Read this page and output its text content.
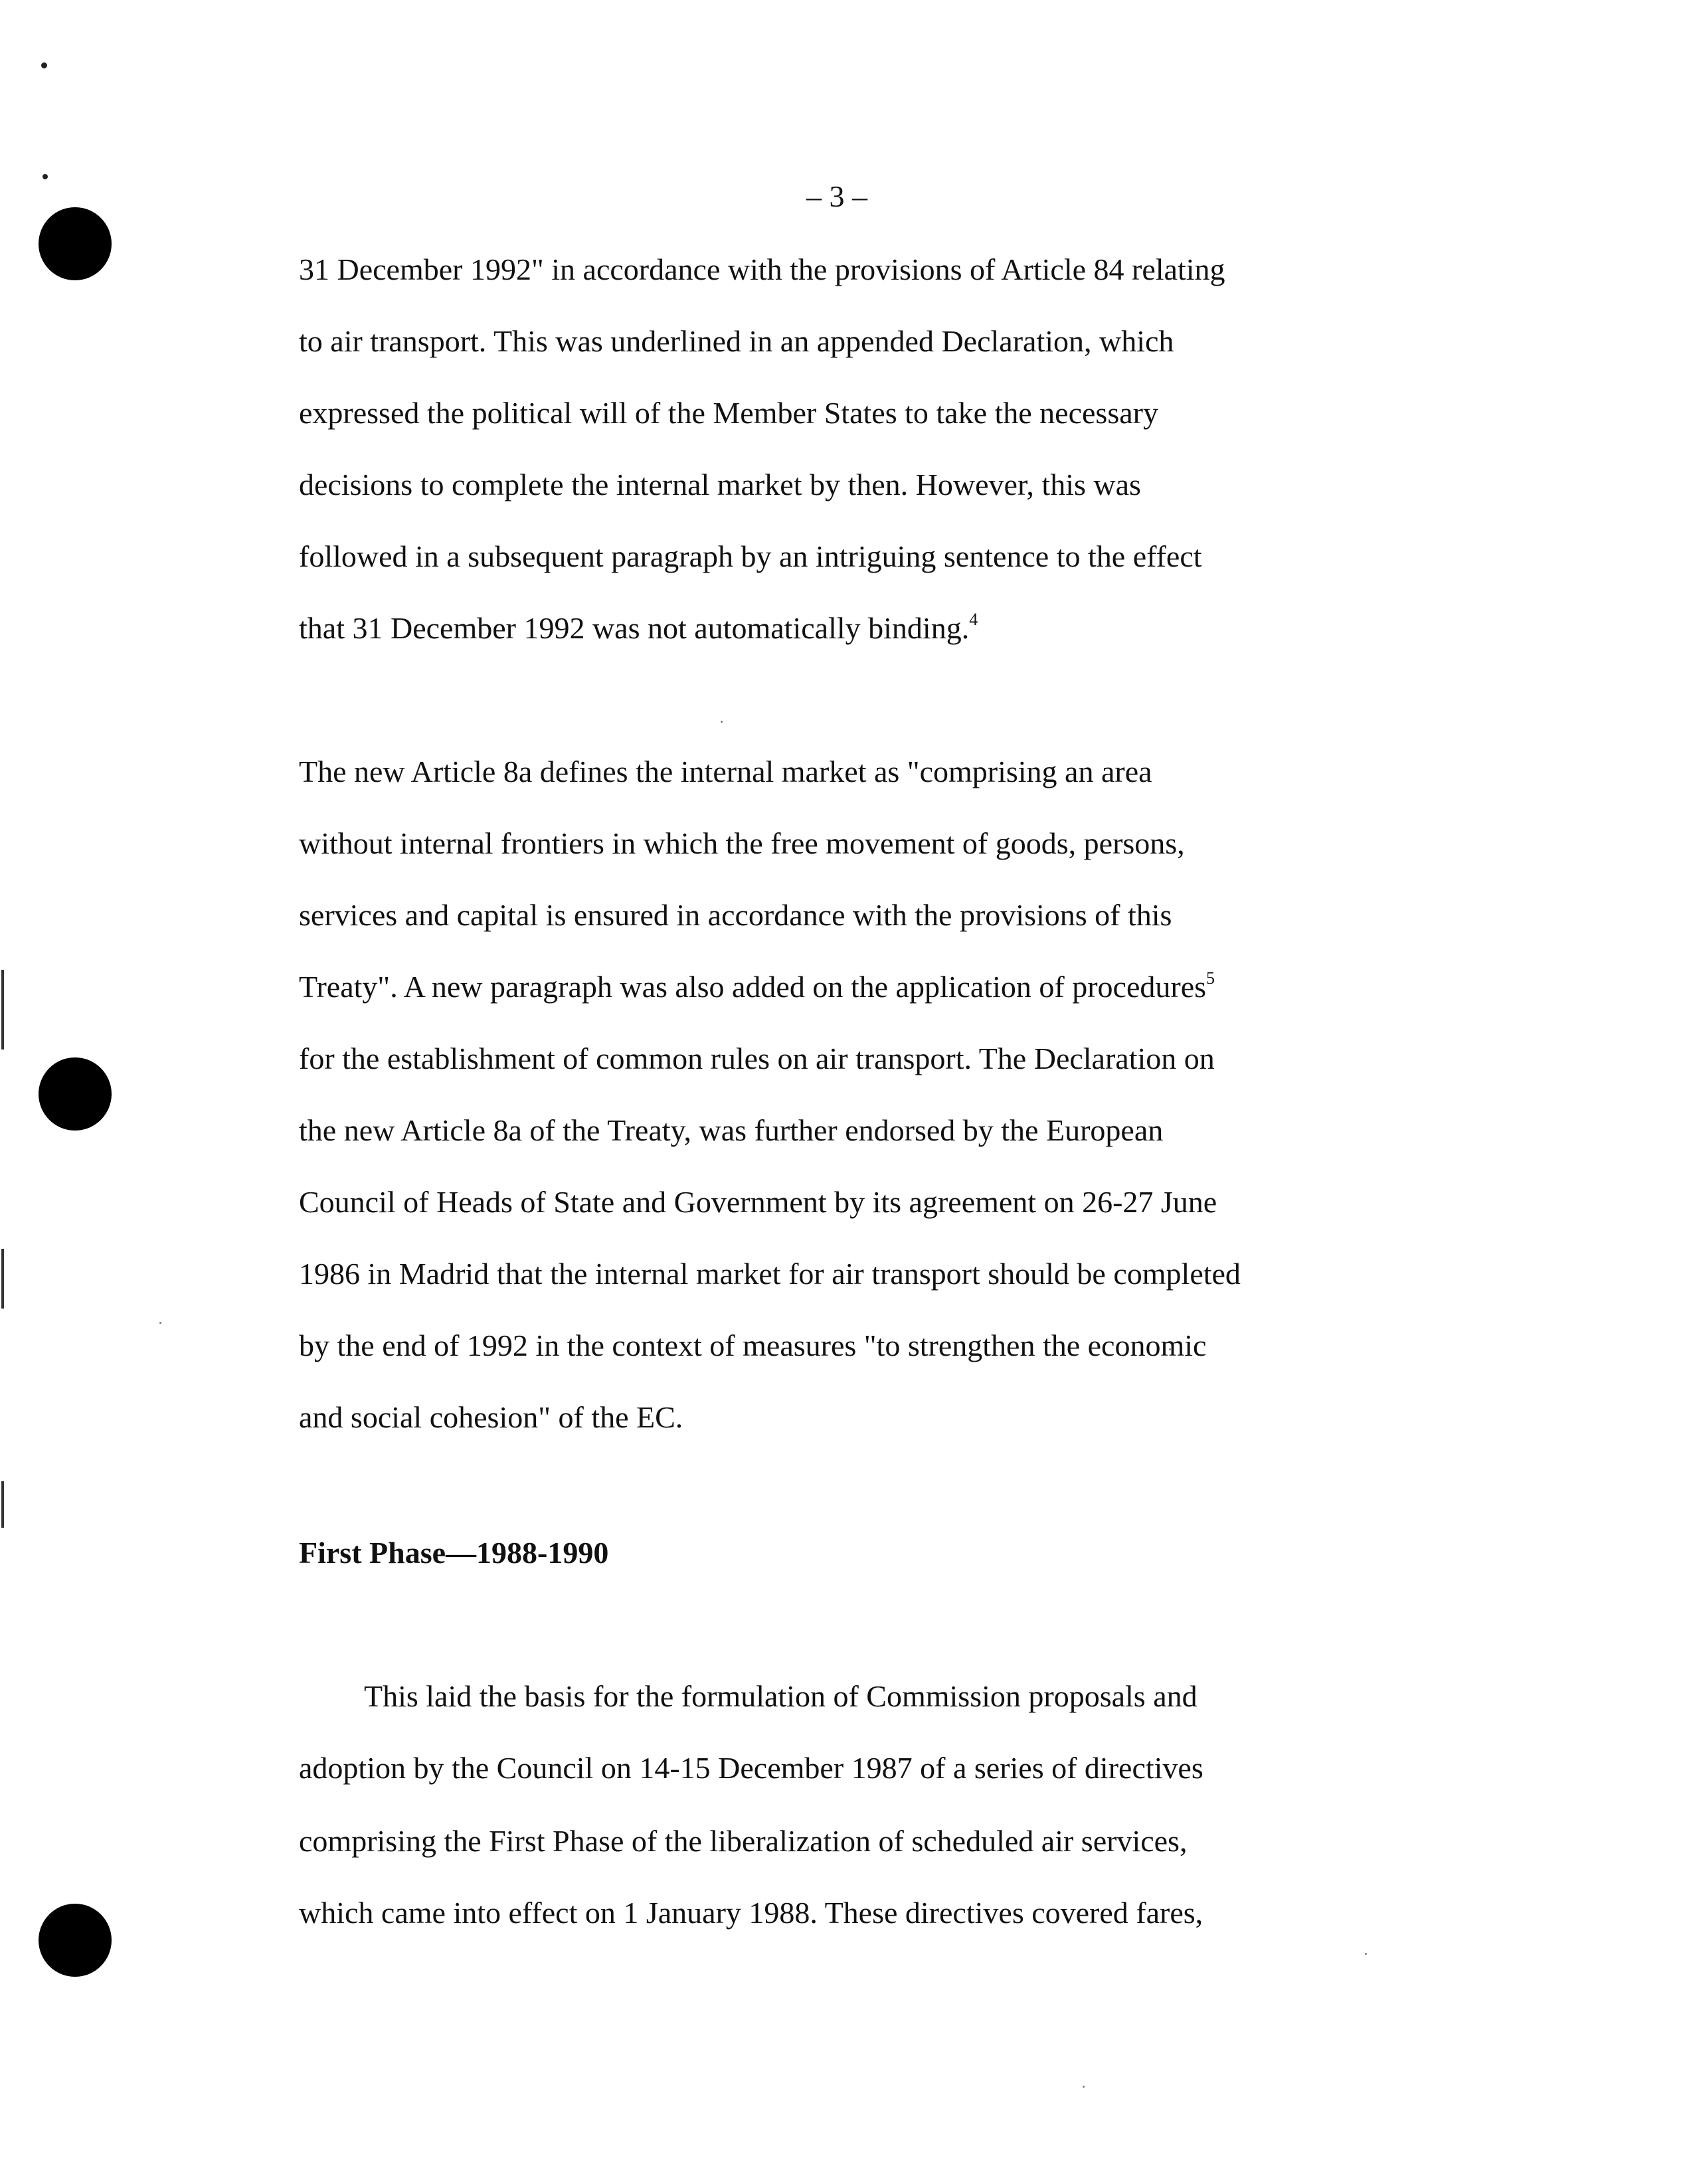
– 3 –
31 December 1992" in accordance with the provisions of Article 84 relating
to air transport. This was underlined in an appended Declaration, which
expressed the political will of the Member States to take the necessary
decisions to complete the internal market by then. However, this was
followed in a subsequent paragraph by an intriguing sentence to the effect
that 31 December 1992 was not automatically binding.$^4$
The new Article 8a defines the internal market as "comprising an area
without internal frontiers in which the free movement of goods, persons,
services and capital is ensured in accordance with the provisions of this
Treaty". A new paragraph was also added on the application of procedures$^5$
for the establishment of common rules on air transport. The Declaration on
the new Article 8a of the Treaty, was further endorsed by the European
Council of Heads of State and Government by its agreement on 26-27 June
1986 in Madrid that the internal market for air transport should be completed
by the end of 1992 in the context of measures "to strengthen the economic
and social cohesion" of the EC.
First Phase—1988-1990
This laid the basis for the formulation of Commission proposals and
adoption by the Council on 14-15 December 1987 of a series of directives
comprising the First Phase of the liberalization of scheduled air services,
which came into effect on 1 January 1988. These directives covered fares,
